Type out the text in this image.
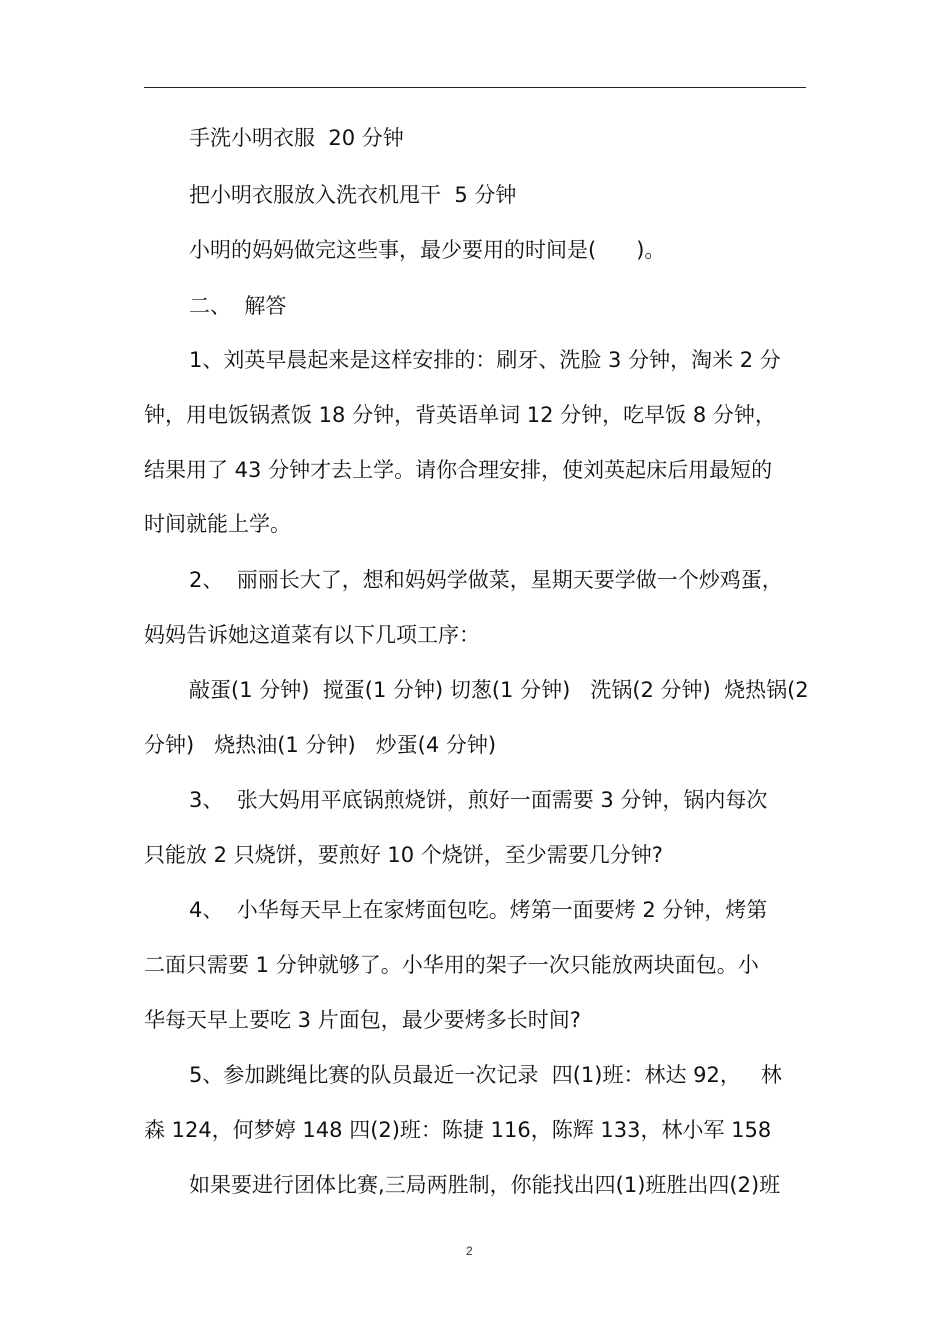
手洗小明衣服  20 分钟
把小明衣服放入洗衣机甩干  5 分钟
小明的妈妈做完这些事，最少要用的时间是(      )。
二、  解答
1、刘英早晨起来是这样安排的：刷牙、洗脸 3 分钟，淘米 2 分
钟，用电饭锅煮饭 18 分钟，背英语单词 12 分钟，吃早饭 8 分钟，
结果用了 43 分钟才去上学。请你合理安排，使刘英起床后用最短的
时间就能上学。
2、  丽丽长大了，想和妈妈学做菜，星期天要学做一个炒鸡蛋，
妈妈告诉她这道菜有以下几项工序：
敲蛋(1 分钟)  搅蛋(1 分钟) 切葱(1 分钟)   洗锅(2 分钟)  烧热锅(2
分钟)   烧热油(1 分钟)   炒蛋(4 分钟)
3、  张大妈用平底锅煎烧饼，煎好一面需要 3 分钟，锅内每次
只能放 2 只烧饼，要煎好 10 个烧饼，至少需要几分钟?
4、  小华每天早上在家烤面包吃。烤第一面要烤 2 分钟，烤第
二面只需要 1 分钟就够了。小华用的架子一次只能放两块面包。小
华每天早上要吃 3 片面包，最少要烤多长时间?
5、参加跳绳比赛的队员最近一次记录  四(1)班：林达 92，   林
森 124，何梦婷 148 四(2)班：陈捷 116，陈辉 133，林小军 158
如果要进行团体比赛,三局两胜制，你能找出四(1)班胜出四(2)班
2
